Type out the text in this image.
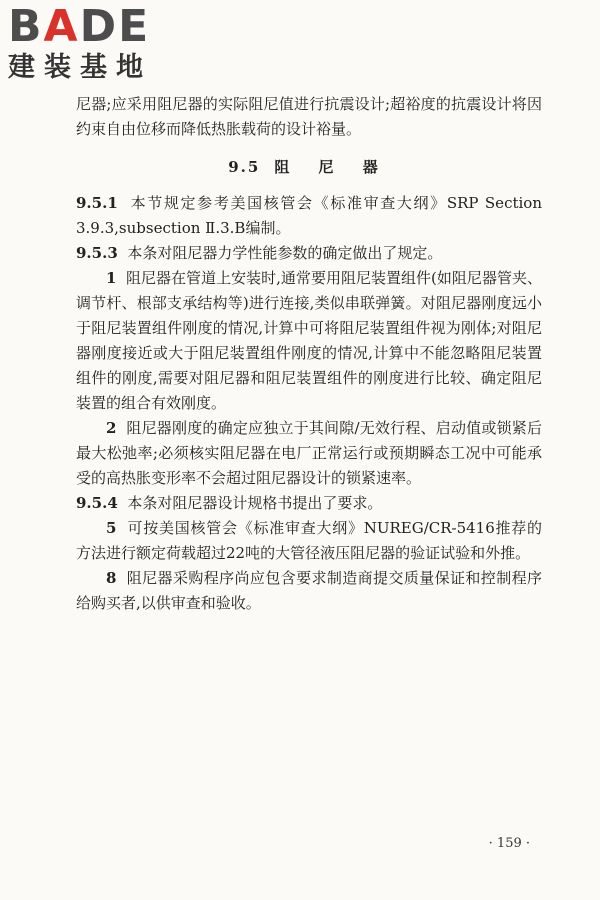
BADE
建装基地

尼器;应采用阻尼器的实际阻尼值进行抗震设计;超裕度的抗震设计将因约束自由位移而降低热胀载荷的设计裕量。

9.5 阻 尼 器

9.5.1 本节规定参考美国核管会《标准审查大纲》SRP Section 3.9.3,subsection Ⅱ.3.B编制。

9.5.3 本条对阻尼器力学性能参数的确定做出了规定。

1 阻尼器在管道上安装时,通常要用阻尼装置组件(如阻尼器管夹、调节杆、根部支承结构等)进行连接,类似串联弹簧。对阻尼器刚度远小于阻尼装置组件刚度的情况,计算中可将阻尼装置组件视为刚体;对阻尼器刚度接近或大于阻尼装置组件刚度的情况,计算中不能忽略阻尼装置组件的刚度,需要对阻尼器和阻尼装置组件的刚度进行比较、确定阻尼装置的组合有效刚度。

2 阻尼器刚度的确定应独立于其间隙/无效行程、启动值或锁紧后最大松弛率;必须核实阻尼器在电厂正常运行或预期瞬态工况中可能承受的高热胀变形率不会超过阻尼器设计的锁紧速率。

9.5.4 本条对阻尼器设计规格书提出了要求。

5 可按美国核管会《标准审查大纲》NUREG/CR-5416推荐的方法进行额定荷载超过22吨的大管径液压阻尼器的验证试验和外推。

8 阻尼器采购程序尚应包含要求制造商提交质量保证和控制程序给购买者,以供审查和验收。

· 159 ·
